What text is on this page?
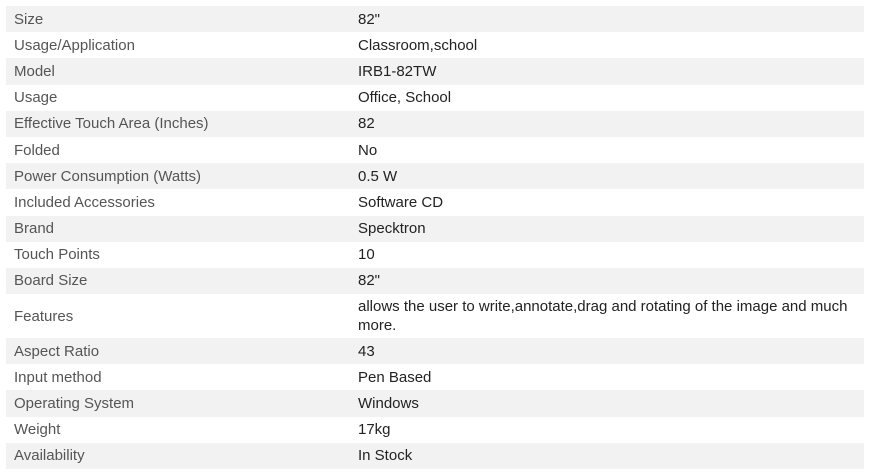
Size	82"
Usage/Application	Classroom,school
Model	IRB1-82TW
Usage	Office, School
Effective Touch Area (Inches)	82
Folded	No
Power Consumption (Watts)	0.5 W
Included Accessories	Software CD
Brand	Specktron
Touch Points	10
Board Size	82"
Features	allows the user to write,annotate,drag and rotating of the image and much more.
Aspect Ratio	43
Input method	Pen Based
Operating System	Windows
Weight	17kg
Availability	In Stock
